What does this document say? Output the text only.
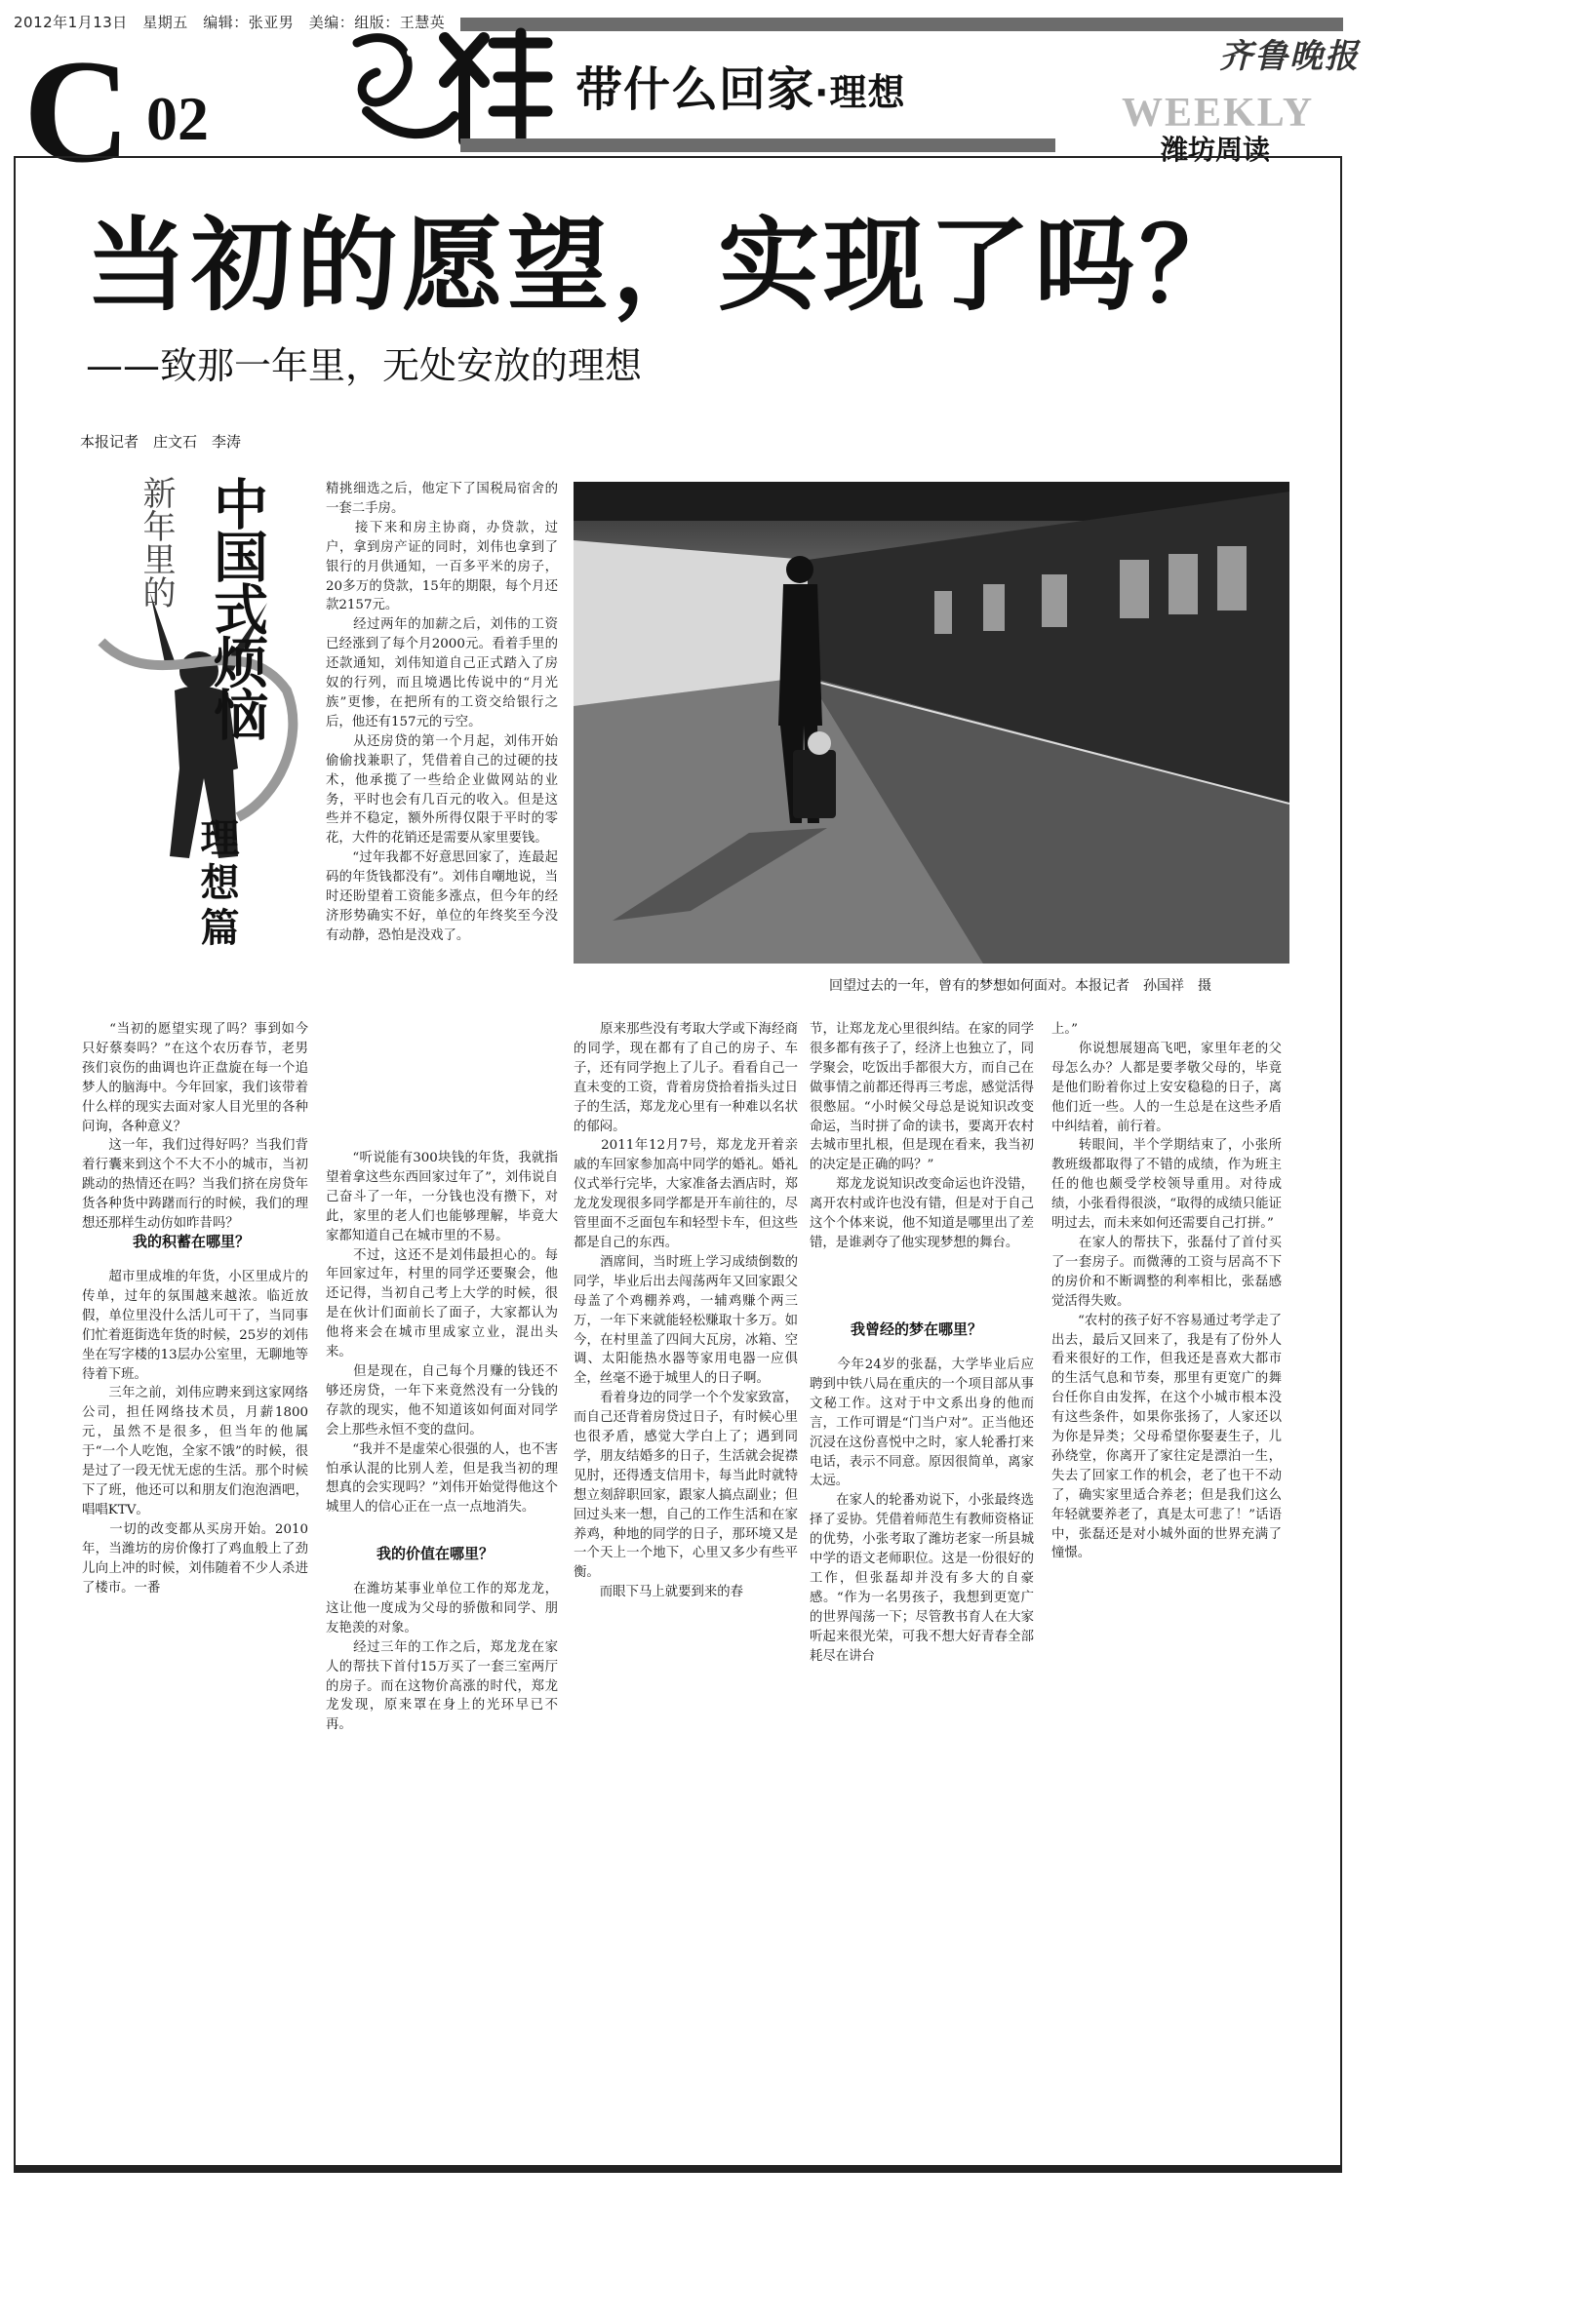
2012年1月13日　星期五　编辑：张亚男　美编：组版：王慧英
C 02	过年
带什么回家·理想
齐鲁晚报
WEEKLY
潍坊周读
当初的愿望，实现了吗？
——致那一年里，无处安放的理想
本报记者　庄文石　李涛
新年里的 中国式烦恼
理想篇
回望过去的一年，曾有的梦想如何面对。本报记者　孙国祥　摄
精挑细选之后，他定下了国税局宿舍的一套二手房。
　　接下来和房主协商，办贷款，过户，拿到房产证的同时，刘伟也拿到了银行的月供通知，一百多平米的房子，20多万的贷款，15年的期限，每个月还款2157元。
　　经过两年的加薪之后，刘伟的工资已经涨到了每个月2000元。看着手里的还款通知，刘伟知道自己正式踏入了房奴的行列，而且境遇比传说中的“月光族”更惨，在把所有的工资交给银行之后，他还有157元的亏空。
　　从还房贷的第一个月起，刘伟开始偷偷找兼职了，凭借着自己的过硬的技术，他承揽了一些给企业做网站的业务，平时也会有几百元的收入。但是这些并不稳定，额外所得仅限于平时的零花，大件的花销还是需要从家里要钱。
　　“过年我都不好意思回家了，连最起码的年货钱都没有”。刘伟自嘲地说，当时还盼望着工资能多涨点，但今年的经济形势确实不好，单位的年终奖至今没有动静，恐怕是没戏了。
　　“当初的愿望实现了吗？事到如今只好蔡奏吗？”在这个农历春节，老男孩们哀伤的曲调也许正盘旋在每一个追梦人的脑海中。今年回家，我们该带着什么样的现实去面对家人目光里的各种问询，各种意义？
　　这一年，我们过得好吗？当我们背着行囊来到这个不大不小的城市，当初跳动的热情还在吗？当我们挤在房贷年货各种货中踌躇而行的时候，我们的理想还那样生动仿如昨昔吗？
我的积蓄在哪里？
　　超市里成堆的年货，小区里成片的传单，过年的氛围越来越浓。临近放假，单位里没什么活儿可干了，当同事们忙着逛街选年货的时候，25岁的刘伟坐在写字楼的13层办公室里，无聊地等待着下班。
　　三年之前，刘伟应聘来到这家网络公司，担任网络技术员，月薪1800元，虽然不是很多，但当年的他属于“一个人吃饱，全家不饿”的时候，很是过了一段无忧无虑的生活。那个时候下了班，他还可以和朋友们泡泡酒吧，唱唱KTV。
　　一切的改变都从买房开始。2010年，当潍坊的房价像打了鸡血般上了劲儿向上冲的时候，刘伟随着不少人杀进了楼市。一番
　　“听说能有300块钱的年货，我就指望着拿这些东西回家过年了”，刘伟说自己奋斗了一年，一分钱也没有攒下，对此，家里的老人们也能够理解，毕竟大家都知道自己在城市里的不易。
　　不过，这还不是刘伟最担心的。每年回家过年，村里的同学还要聚会，他还记得，当初自己考上大学的时候，很是在伙计们面前长了面子，大家都认为他将来会在城市里成家立业，混出头来。
　　但是现在，自己每个月赚的钱还不够还房贷，一年下来竟然没有一分钱的存款的现实，他不知道该如何面对同学会上那些永恒不变的盘问。
　　“我并不是虚荣心很强的人，也不害怕承认混的比别人差，但是我当初的理想真的会实现吗？”刘伟开始觉得他这个城里人的信心正在一点一点地消失。
我的价值在哪里？
　　在潍坊某事业单位工作的郑龙龙，这让他一度成为父母的骄傲和同学、朋友艳羡的对象。
　　经过三年的工作之后，郑龙龙在家人的帮扶下首付15万买了一套三室两厅的房子。而在这物价高涨的时代，郑龙龙发现，原来罩在身上的光环早已不再。
　　原来那些没有考取大学或下海经商的同学，现在都有了自己的房子、车子，还有同学抱上了儿子。看看自己一直未变的工资，背着房贷拾着指头过日子的生活，郑龙龙心里有一种难以名状的郁闷。
　　2011年12月7号，郑龙龙开着亲戚的车回家参加高中同学的婚礼。婚礼仪式举行完毕，大家准备去酒店时，郑龙龙发现很多同学都是开车前往的，尽管里面不乏面包车和轻型卡车，但这些都是自己的东西。
　　酒席间，当时班上学习成绩倒数的同学，毕业后出去闯荡两年又回家跟父母盖了个鸡棚养鸡，一辅鸡赚个两三万，一年下来就能轻松赚取十多万。如今，在村里盖了四间大瓦房，冰箱、空调、太阳能热水器等家用电器一应俱全，丝毫不逊于城里人的日子啊。
　　看着身边的同学一个个发家致富，而自己还背着房贷过日子，有时候心里也很矛盾，感觉大学白上了；遇到同学，朋友结婚多的日子，生活就会捉襟见肘，还得透支信用卡，每当此时就特想立刻辞职回家，跟家人搞点副业；但回过头来一想，自己的工作生活和在家养鸡，种地的同学的日子，那环境又是一个天上一个地下，心里又多少有些平衡。
　　而眼下马上就要到来的春
节，让郑龙龙心里很纠结。在家的同学很多都有孩子了，经济上也独立了，同学聚会，吃饭出手都很大方，而自己在做事情之前都还得再三考虑，感觉活得很憋屈。“小时候父母总是说知识改变命运，当时拼了命的读书，要离开农村去城市里扎根，但是现在看来，我当初的决定是正确的吗？”
　　郑龙龙说知识改变命运也许没错，离开农村或许也没有错，但是对于自己这个个体来说，他不知道是哪里出了差错，是谁剥夺了他实现梦想的舞台。
我曾经的梦在哪里？
　　今年24岁的张磊，大学毕业后应聘到中铁八局在重庆的一个项目部从事文秘工作。这对于中文系出身的他而言，工作可谓是“门当户对”。正当他还沉浸在这份喜悦中之时，家人轮番打来电话，表示不同意。原因很简单，离家太远。
　　在家人的轮番劝说下，小张最终选择了妥协。凭借着师范生有教师资格证的优势，小张考取了潍坊老家一所县城中学的语文老师职位。这是一份很好的工作，但张磊却并没有多大的自豪感。“作为一名男孩子，我想到更宽广的世界闯荡一下；尽管教书育人在大家听起来很光荣，可我不想大好青春全部耗尽在讲台
上。”
　　你说想展翅高飞吧，家里年老的父母怎么办？人都是要孝敬父母的，毕竟是他们盼着你过上安安稳稳的日子，离他们近一些。人的一生总是在这些矛盾中纠结着，前行着。
　　转眼间，半个学期结束了，小张所教班级都取得了不错的成绩，作为班主任的他也颇受学校领导重用。对待成绩，小张看得很淡，“取得的成绩只能证明过去，而未来如何还需要自己打拼。”
　　在家人的帮扶下，张磊付了首付买了一套房子。而微薄的工资与居高不下的房价和不断调整的利率相比，张磊感觉活得失败。
　　“农村的孩子好不容易通过考学走了出去，最后又回来了，我是有了份外人看来很好的工作，但我还是喜欢大都市的生活气息和节奏，那里有更宽广的舞台任你自由发挥，在这个小城市根本没有这些条件，如果你张扬了，人家还以为你是异类；父母希望你娶妻生子，儿孙绕堂，你离开了家往定是漂泊一生，失去了回家工作的机会，老了也干不动了，确实家里适合养老；但是我们这么年轻就要养老了，真是太可悲了！”话语中，张磊还是对小城外面的世界充满了憧憬。
